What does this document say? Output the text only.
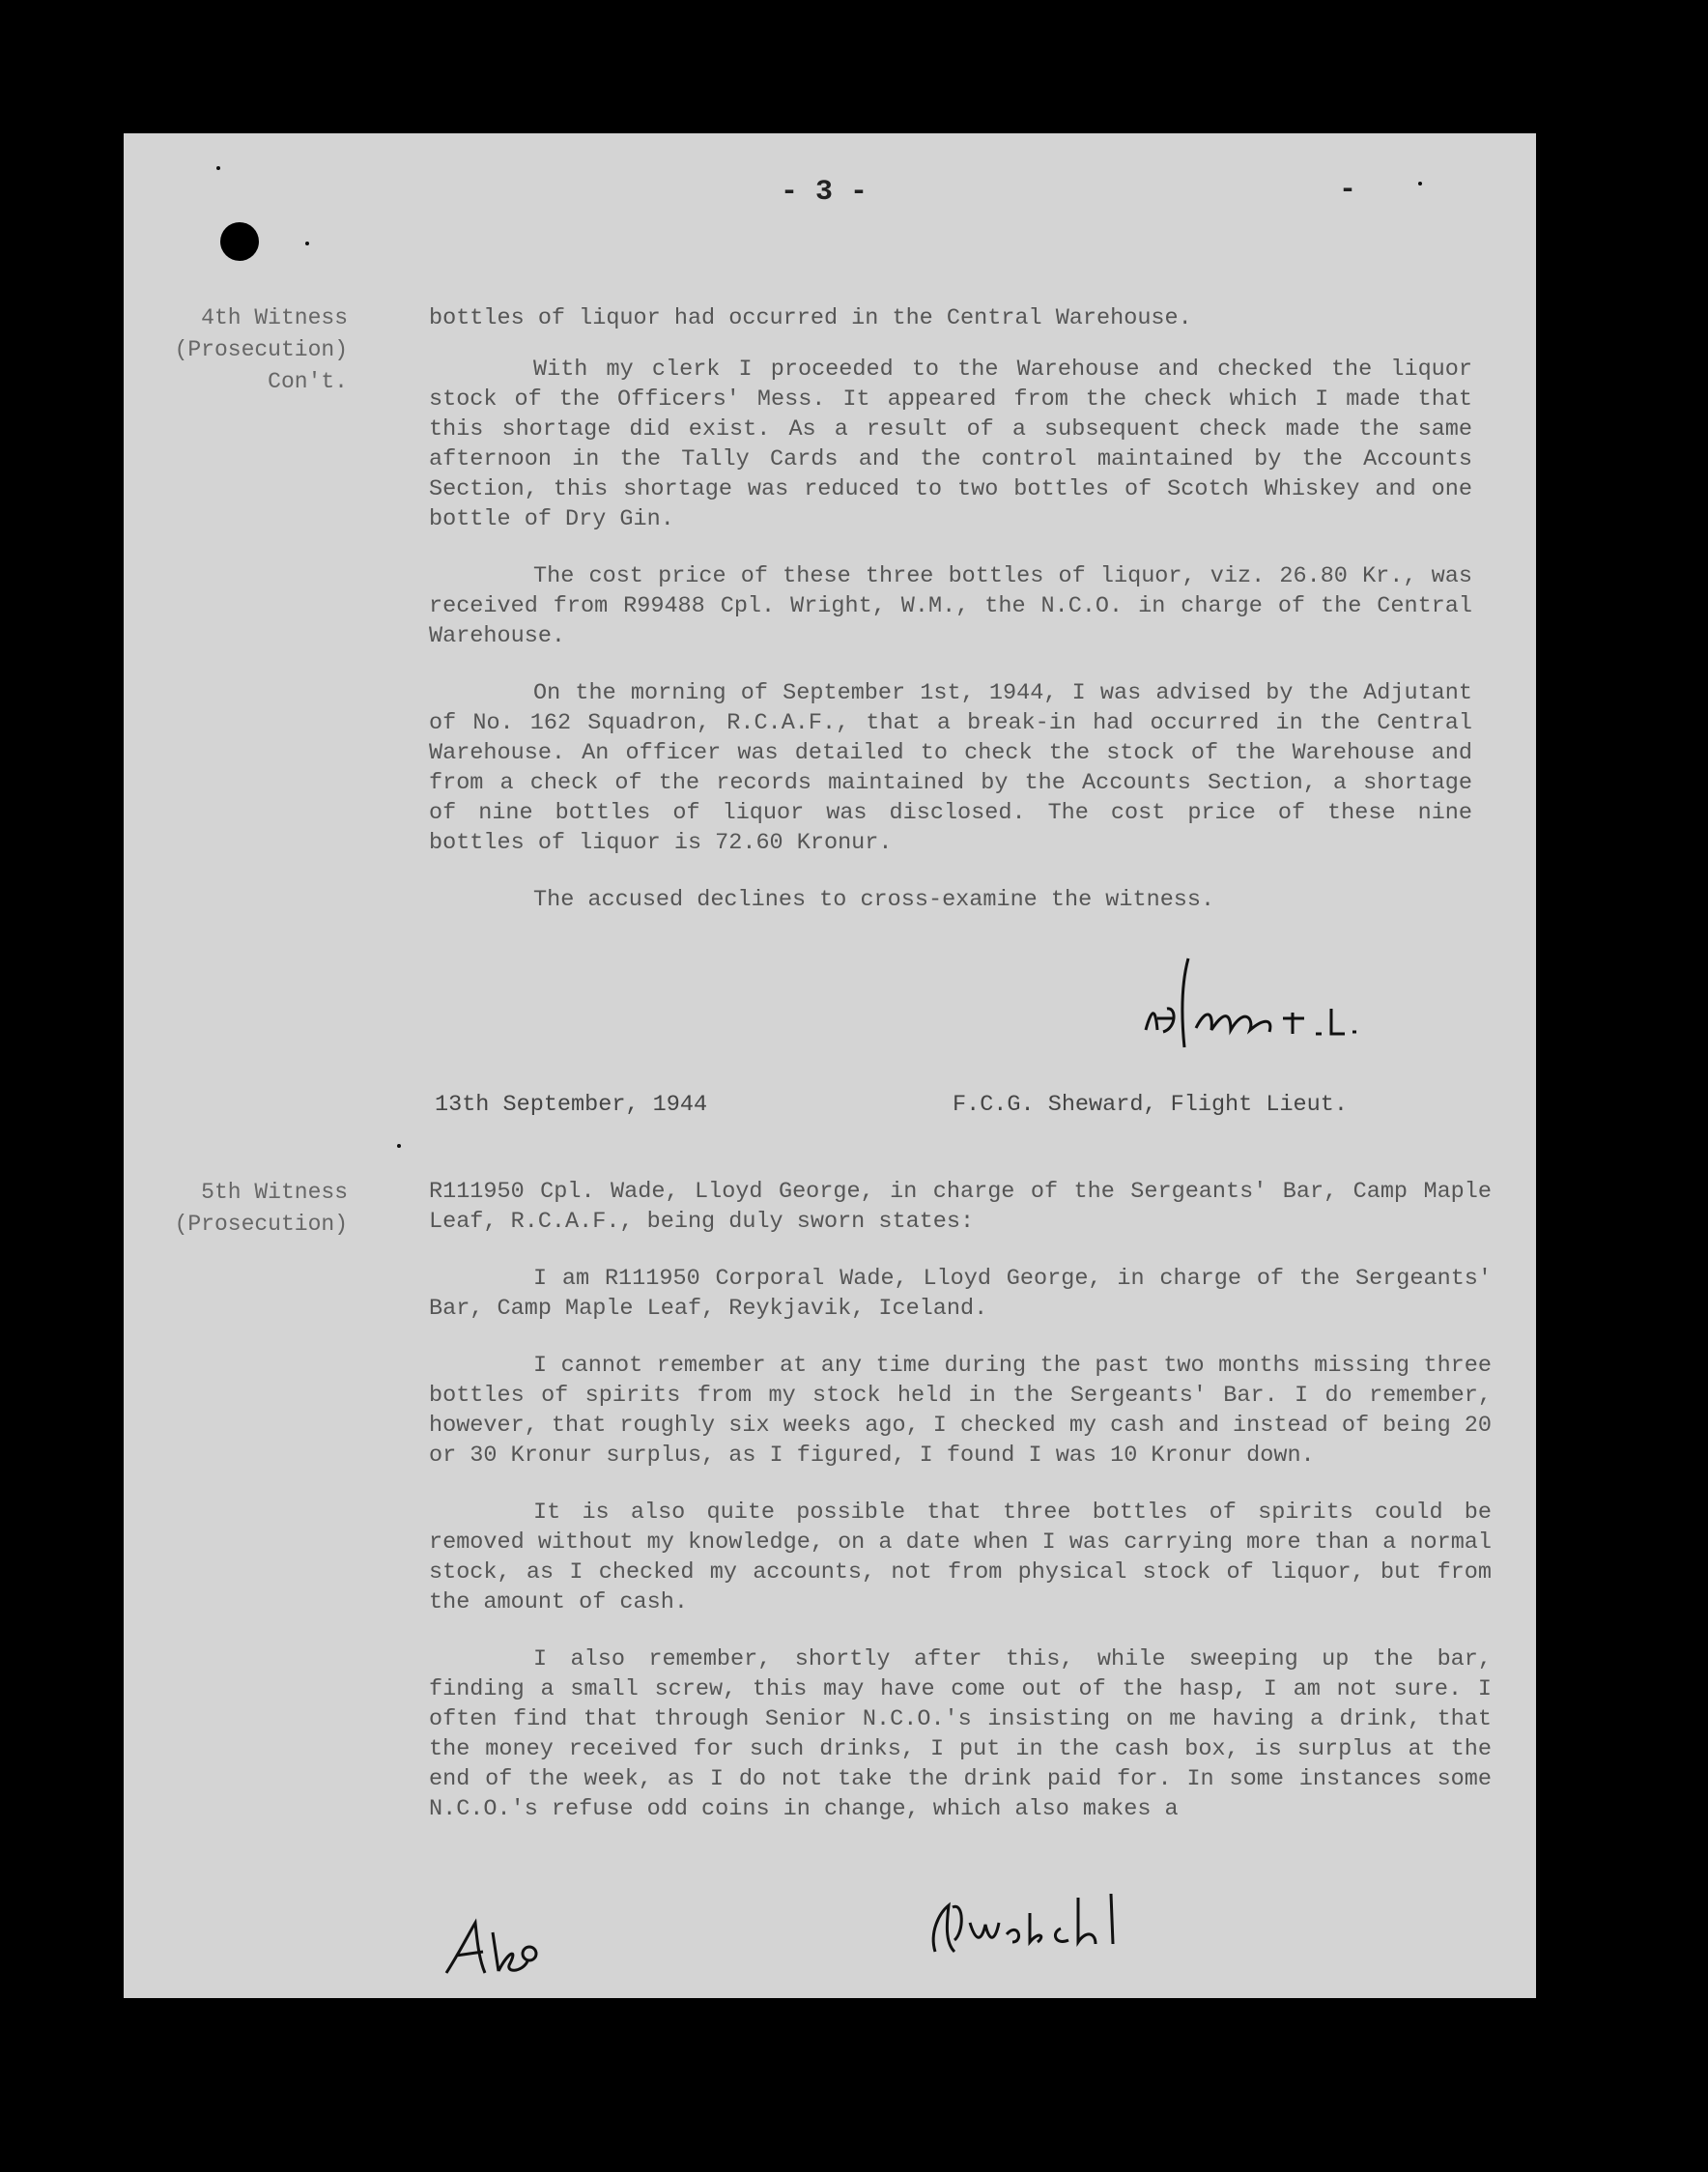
- 3 -	-
4th Witness
(Prosecution)
Con't.

bottles of liquor had occurred in the Central Warehouse.

With my clerk I proceeded to the Warehouse and checked the liquor stock of the Officers' Mess. It appeared from the check which I made that this shortage did exist. As a result of a subsequent check made the same afternoon in the Tally Cards and the control maintained by the Accounts Section, this shortage was reduced to two bottles of Scotch Whiskey and one bottle of Dry Gin.

The cost price of these three bottles of liquor, viz. 26.80 Kr., was received from R99488 Cpl. Wright, W.M., the N.C.O. in charge of the Central Warehouse.

On the morning of September 1st, 1944, I was advised by the Adjutant of No. 162 Squadron, R.C.A.F., that a break-in had occurred in the Central Warehouse. An officer was detailed to check the stock of the Warehouse and from a check of the records maintained by the Accounts Section, a shortage of nine bottles of liquor was disclosed. The cost price of these nine bottles of liquor is 72.60 Kronur.

The accused declines to cross-examine the witness.

13th September, 1944	F.C.G. Sheward, Flight Lieut.
5th Witness
(Prosecution)

R111950 Cpl. Wade, Lloyd George, in charge of the Sergeants' Bar, Camp Maple Leaf, R.C.A.F., being duly sworn states:

I am R111950 Corporal Wade, Lloyd George, in charge of the Sergeants' Bar, Camp Maple Leaf, Reykjavik, Iceland.

I cannot remember at any time during the past two months missing three bottles of spirits from my stock held in the Sergeants' Bar. I do remember, however, that roughly six weeks ago, I checked my cash and instead of being 20 or 30 Kronur surplus, as I figured, I found I was 10 Kronur down.

It is also quite possible that three bottles of spirits could be removed without my knowledge, on a date when I was carrying more than a normal stock, as I checked my accounts, not from physical stock of liquor, but from the amount of cash.

I also remember, shortly after this, while sweeping up the bar, finding a small screw, this may have come out of the hasp, I am not sure. I often find that through Senior N.C.O.'s insisting on me having a drink, that the money received for such drinks, I put in the cash box, is surplus at the end of the week, as I do not take the drink paid for. In some instances some N.C.O.'s refuse odd coins in change, which also makes a
